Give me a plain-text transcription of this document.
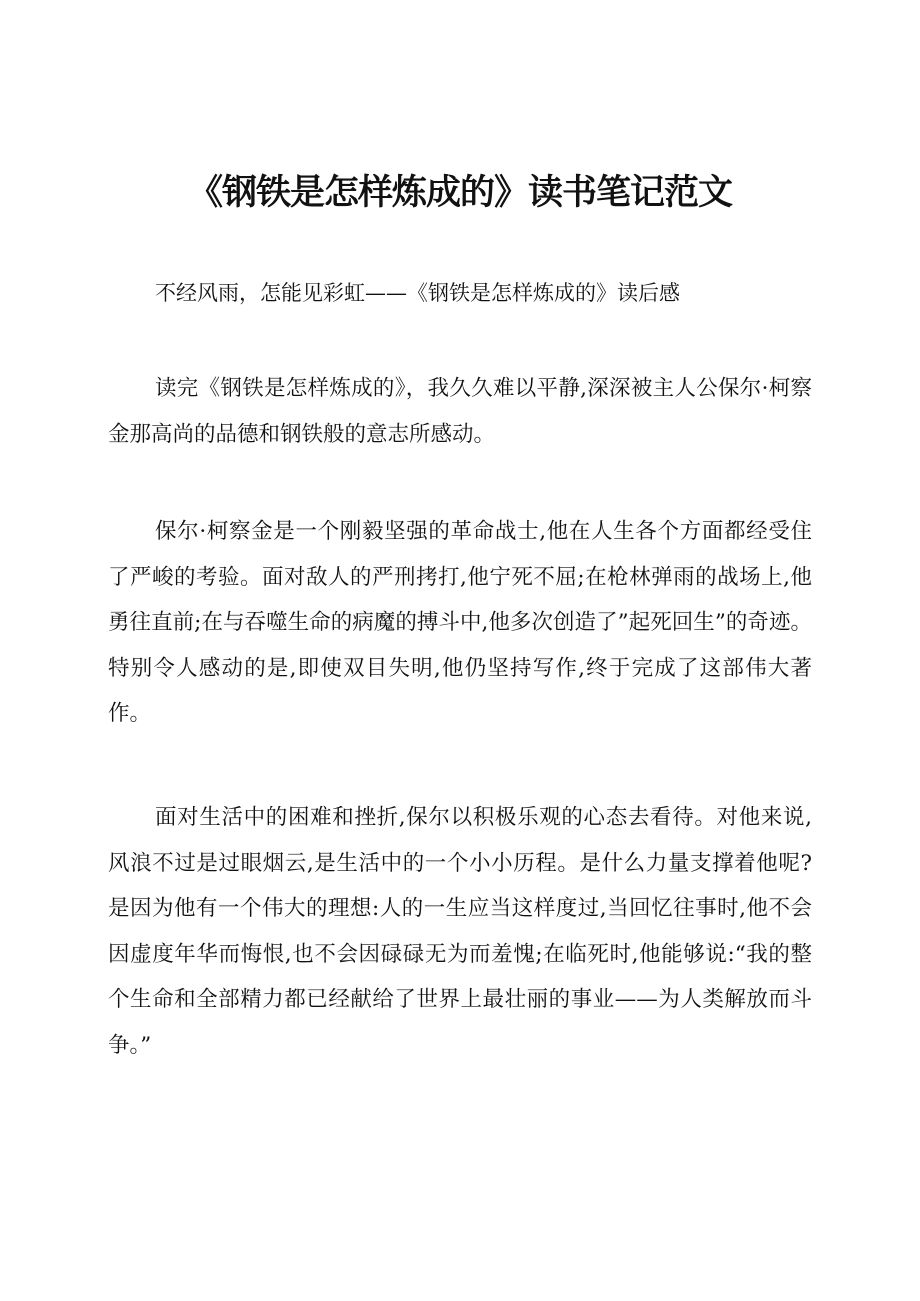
《钢铁是怎样炼成的》读书笔记范文

不经风雨，怎能见彩虹——《钢铁是怎样炼成的》读后感

读完《钢铁是怎样炼成的》，我久久难以平静,深深被主人公保尔·柯察金那高尚的品德和钢铁般的意志所感动。

保尔·柯察金是一个刚毅坚强的革命战士,他在人生各个方面都经受住了严峻的考验。面对敌人的严刑拷打,他宁死不屈;在枪林弹雨的战场上,他勇往直前;在与吞噬生命的病魔的搏斗中,他多次创造了”起死回生”的奇迹。特别令人感动的是,即使双目失明,他仍坚持写作,终于完成了这部伟大著作。

面对生活中的困难和挫折,保尔以积极乐观的心态去看待。对他来说,风浪不过是过眼烟云,是生活中的一个小小历程。是什么力量支撑着他呢?是因为他有一个伟大的理想:人的一生应当这样度过,当回忆往事时,他不会因虚度年华而悔恨,也不会因碌碌无为而羞愧;在临死时,他能够说:“我的整个生命和全部精力都已经献给了世界上最壮丽的事业——为人类解放而斗争。”
